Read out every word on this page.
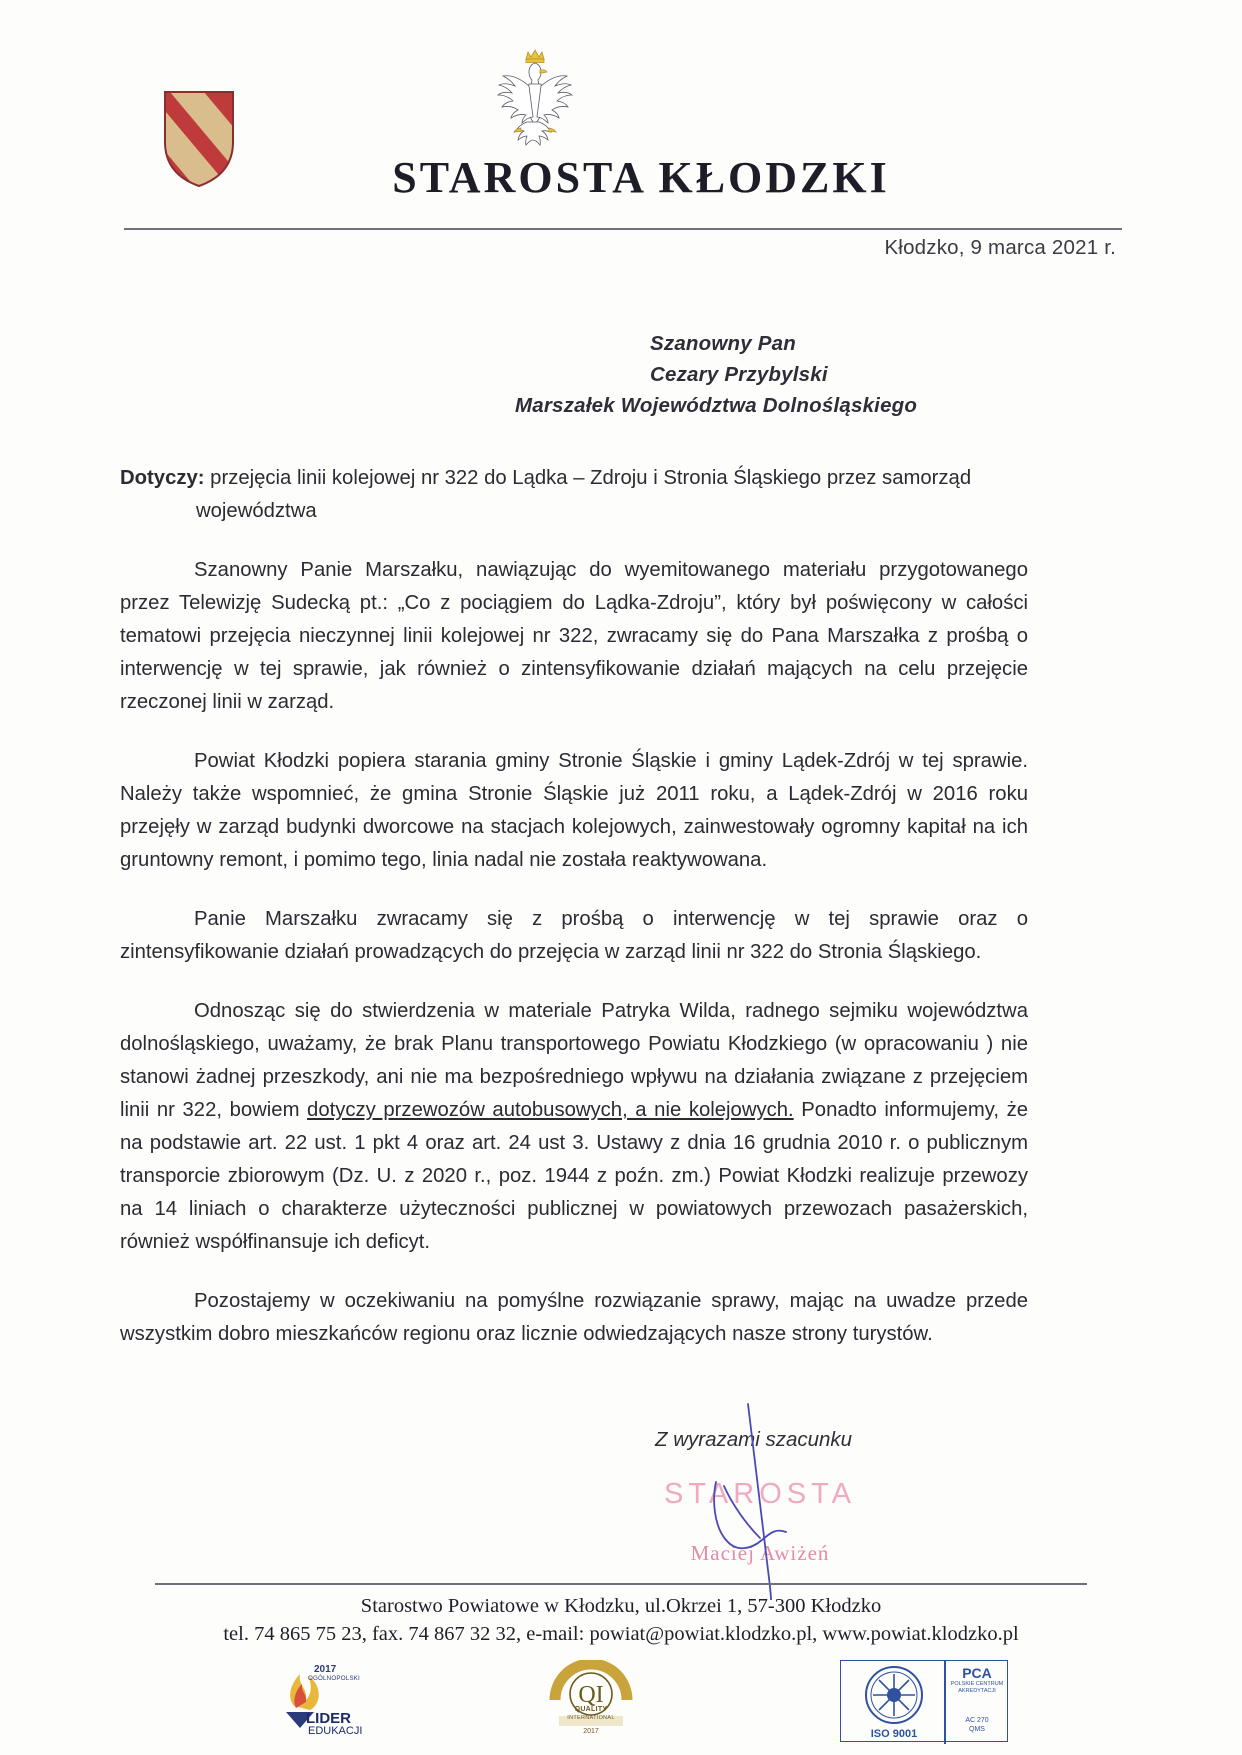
STAROSTA KŁODZKI
Kłodzko, 9 marca 2021 r.
Szanowny Pan
Cezary Przybylski
Marszałek Województwa Dolnośląskiego
Dotyczy: przejęcia linii kolejowej nr 322 do Lądka – Zdroju i Stronia Śląskiego przez samorząd
województwa

Szanowny Panie Marszałku, nawiązując do wyemitowanego materiału przygotowanego przez Telewizję Sudecką pt.: „Co z pociągiem do Lądka-Zdroju”, który był poświęcony w całości tematowi przejęcia nieczynnej linii kolejowej nr 322, zwracamy się do Pana Marszałka z prośbą o interwencję w tej sprawie, jak również o zintensyfikowanie działań mających na celu przejęcie rzeczonej linii w zarząd.

Powiat Kłodzki popiera starania gminy Stronie Śląskie i gminy Lądek-Zdrój w tej sprawie. Należy także wspomnieć, że gmina Stronie Śląskie już 2011 roku, a Lądek-Zdrój w 2016 roku przejęły w zarząd budynki dworcowe na stacjach kolejowych, zainwestowały ogromny kapitał na ich gruntowny remont, i pomimo tego, linia nadal nie została reaktywowana.

Panie Marszałku zwracamy się z prośbą o interwencję w tej sprawie oraz o zintensyfikowanie działań prowadzących do przejęcia w zarząd linii nr 322 do Stronia Śląskiego.

Odnosząc się do stwierdzenia w materiale Patryka Wilda, radnego sejmiku województwa dolnośląskiego, uważamy, że brak Planu transportowego Powiatu Kłodzkiego (w opracowaniu ) nie stanowi żadnej przeszkody, ani nie ma bezpośredniego wpływu na działania związane z przejęciem linii nr 322, bowiem dotyczy przewozów autobusowych, a nie kolejowych. Ponadto informujemy, że na podstawie art. 22 ust. 1 pkt 4 oraz art. 24 ust 3. Ustawy z dnia 16 grudnia 2010 r. o publicznym transporcie zbiorowym (Dz. U. z 2020 r., poz. 1944 z poźn. zm.) Powiat Kłodzki realizuje przewozy na 14 liniach o charakterze użyteczności publicznej w powiatowych przewozach pasażerskich, również współfinansuje ich deficyt.

Pozostajemy w oczekiwaniu na pomyślne rozwiązanie sprawy, mając na uwadze przede wszystkim dobro mieszkańców regionu oraz licznie odwiedzających nasze strony turystów.

Z wyrazami szacunku
STAROSTA
Maciej Awiżeń
Starostwo Powiatowe w Kłodzku, ul.Okrzei 1, 57-300 Kłodzko
tel. 74 865 75 23, fax. 74 867 32 32, e-mail: powiat@powiat.klodzko.pl, www.powiat.klodzko.pl
2017
OGÓLNOPOLSKI
LIDER
EDUKACJI
QI
QUALITY
INTERNATIONAL
2017	ISO 9001
PCA
POLSKIE CENTRUM AKREDYTACJI
AC 270
QMS
